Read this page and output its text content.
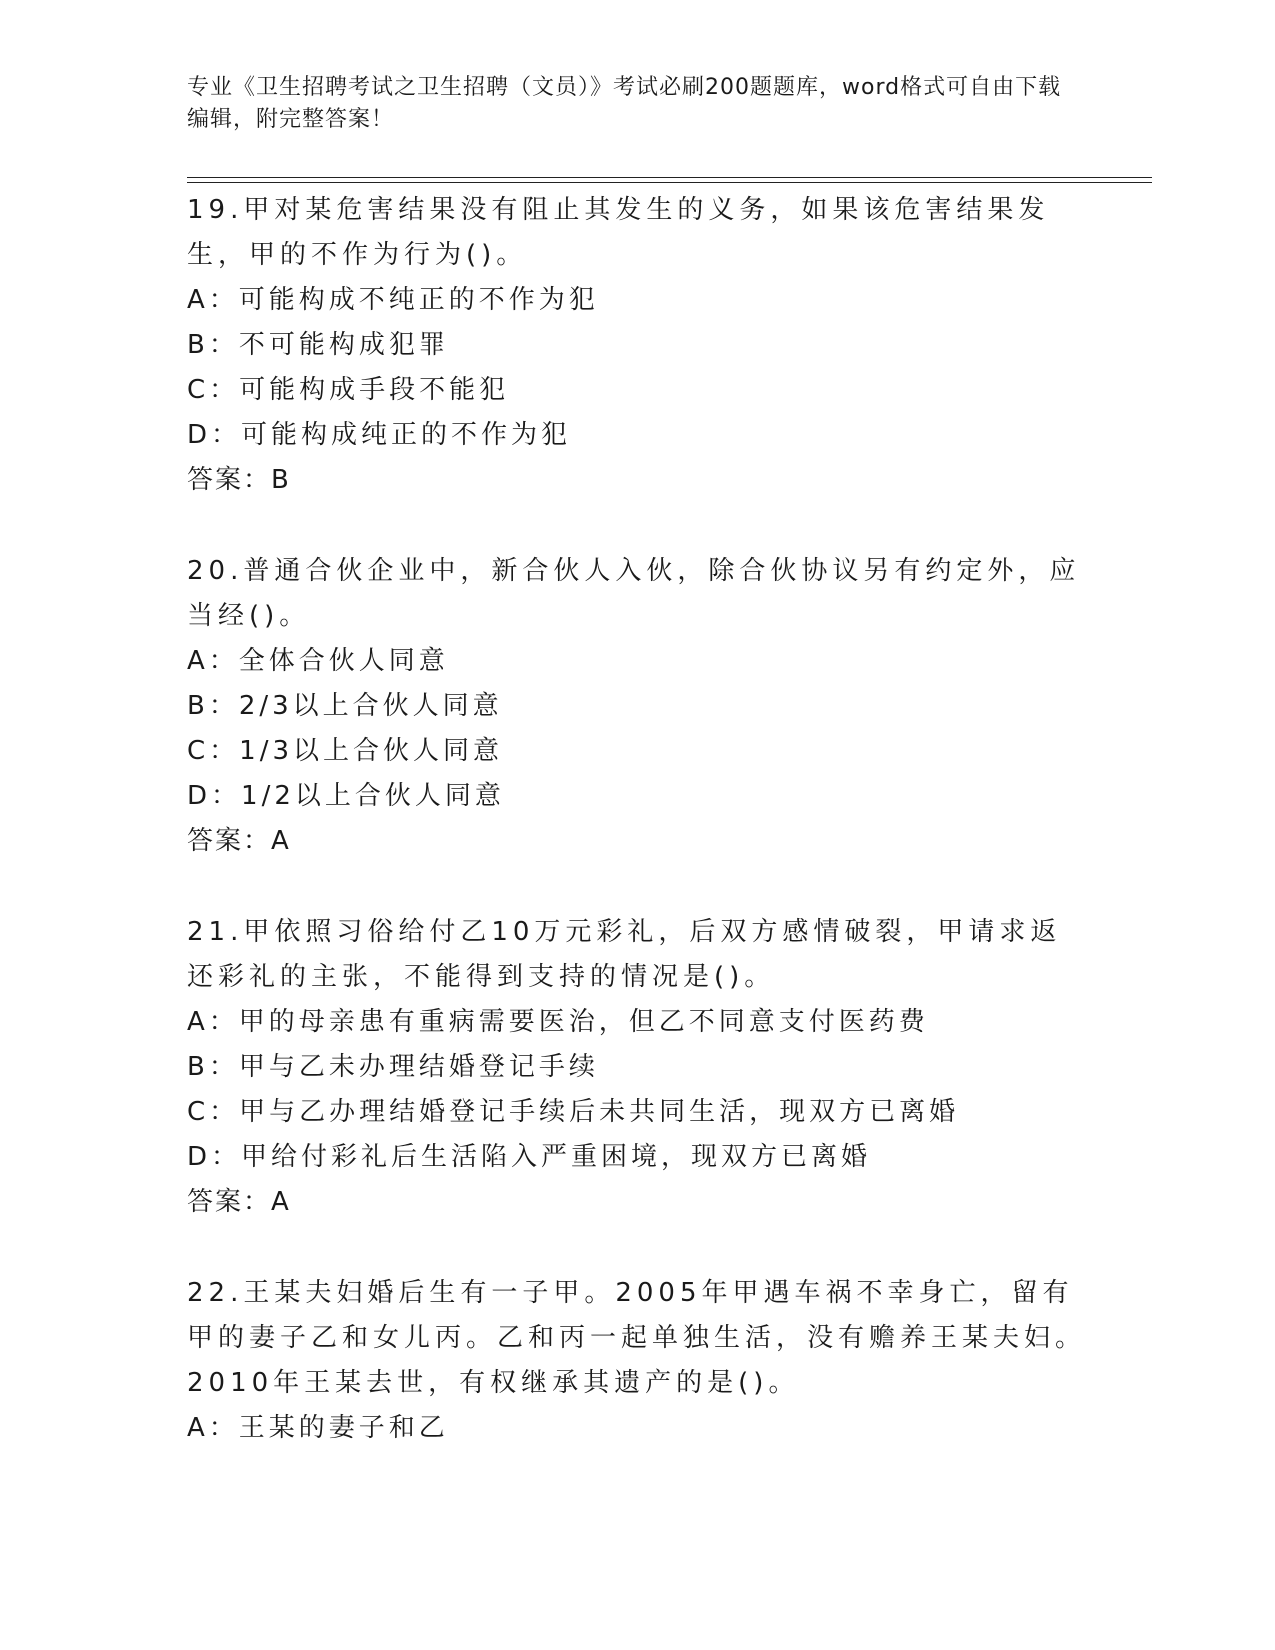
专业《卫生招聘考试之卫生招聘（文员）》考试必刷200题题库，word格式可自由下载编辑，附完整答案！
19.甲对某危害结果没有阻止其发生的义务，如果该危害结果发生，甲的不作为行为()。
A：可能构成不纯正的不作为犯
B：不可能构成犯罪
C：可能构成手段不能犯
D：可能构成纯正的不作为犯
答案：B
20.普通合伙企业中，新合伙人入伙，除合伙协议另有约定外，应当经()。
A：全体合伙人同意
B：2/3以上合伙人同意
C：1/3以上合伙人同意
D：1/2以上合伙人同意
答案：A
21.甲依照习俗给付乙10万元彩礼，后双方感情破裂，甲请求返还彩礼的主张，不能得到支持的情况是()。
A：甲的母亲患有重病需要医治，但乙不同意支付医药费
B：甲与乙未办理结婚登记手续
C：甲与乙办理结婚登记手续后未共同生活，现双方已离婚
D：甲给付彩礼后生活陷入严重困境，现双方已离婚
答案：A
22.王某夫妇婚后生有一子甲。2005年甲遇车祸不幸身亡，留有甲的妻子乙和女儿丙。乙和丙一起单独生活，没有赡养王某夫妇。2010年王某去世，有权继承其遗产的是()。
A：王某的妻子和乙
